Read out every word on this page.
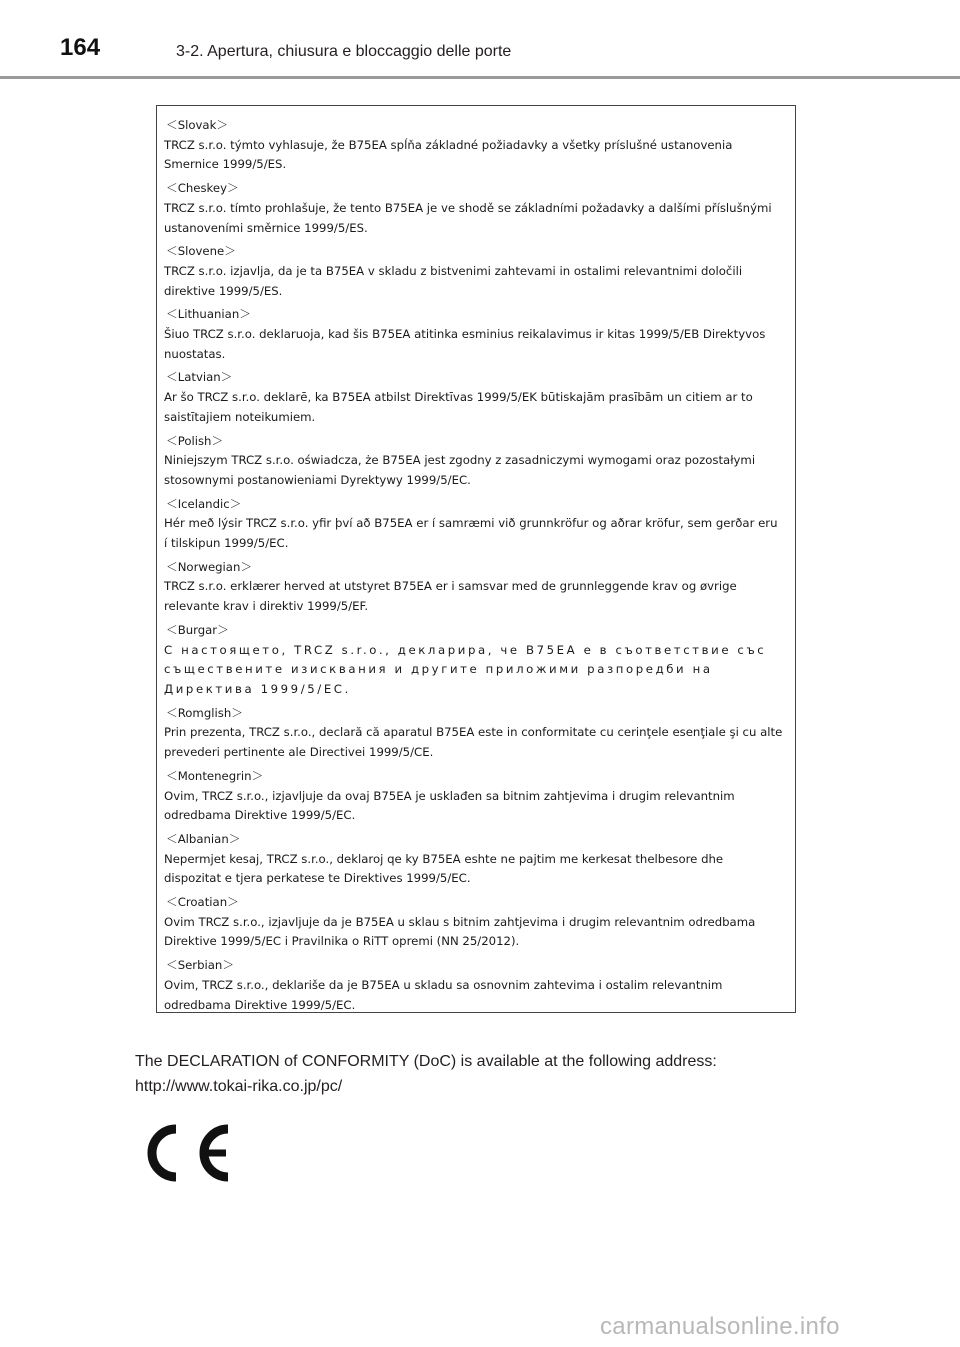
164	3-2. Apertura, chiusura e bloccaggio delle porte
＜Slovak＞
TRCZ s.r.o. týmto vyhlasuje, že B75EA spĺňa základné požiadavky a všetky príslušné ustanovenia Smernice 1999/5/ES.
＜Cheskey＞
TRCZ s.r.o. tímto prohlašuje, že tento B75EA je ve shodě se základními požadavky a dalšími příslušnými ustanoveními směrnice 1999/5/ES.
＜Slovene＞
TRCZ s.r.o. izjavlja, da je ta B75EA v skladu z bistvenimi zahtevami in ostalimi relevantnimi določili direktive 1999/5/ES.
＜Lithuanian＞
Šiuo TRCZ s.r.o. deklaruoja, kad šis B75EA atitinka esminius reikalavimus ir kitas 1999/5/EB Direktyvos nuostatas.
＜Latvian＞
Ar šo TRCZ s.r.o. deklarē, ka B75EA atbilst Direktīvas 1999/5/EK būtiskajām prasībām un citiem ar to saistītajiem noteikumiem.
＜Polish＞
Niniejszym TRCZ s.r.o. oświadcza, że B75EA jest zgodny z zasadniczymi wymogami oraz pozostałymi stosownymi postanowieniami Dyrektywy 1999/5/EC.
＜Icelandic＞
Hér með lýsir TRCZ s.r.o. yfir því að B75EA er í samræmi við grunnkröfur og aðrar kröfur, sem gerðar eru í tilskipun 1999/5/EC.
＜Norwegian＞
TRCZ s.r.o. erklærer herved at utstyret B75EA er i samsvar med de grunnleggende krav og øvrige relevante krav i direktiv 1999/5/EF.
＜Burgar＞
С настоящето, TRCZ s.r.o., декларира, че B75EA е в съответствие със съществените изисквания и другите приложими разпоредби на Директива 1999/5/ЕС.
＜Romglish＞
Prin prezenta, TRCZ s.r.o., declară că aparatul B75EA este in conformitate cu cerinţele esenţiale şi cu alte prevederi pertinente ale Directivei 1999/5/CE.
＜Montenegrin＞
Ovim, TRCZ s.r.o., izjavljuje da ovaj B75EA je usklađen sa bitnim zahtjevima i drugim relevantnim odredbama Direktive 1999/5/EC.
＜Albanian＞
Nepermjet kesaj, TRCZ s.r.o., deklaroj qe ky B75EA eshte ne pajtim me kerkesat thelbesore dhe dispozitat e tjera perkatese te Direktives 1999/5/EC.
＜Croatian＞
Ovim TRCZ s.r.o., izjavljuje da je B75EA u sklau s bitnim zahtjevima i drugim relevantnim odredbama Direktive 1999/5/EC i Pravilnika o RiTT opremi (NN 25/2012).
＜Serbian＞
Ovim, TRCZ s.r.o., deklariše da je B75EA u skladu sa osnovnim zahtevima i ostalim relevantnim odredbama Direktive 1999/5/EC.
The DECLARATION of CONFORMITY (DoC) is available at the following address:
http://www.tokai-rika.co.jp/pc/
carmanualsonline.info
